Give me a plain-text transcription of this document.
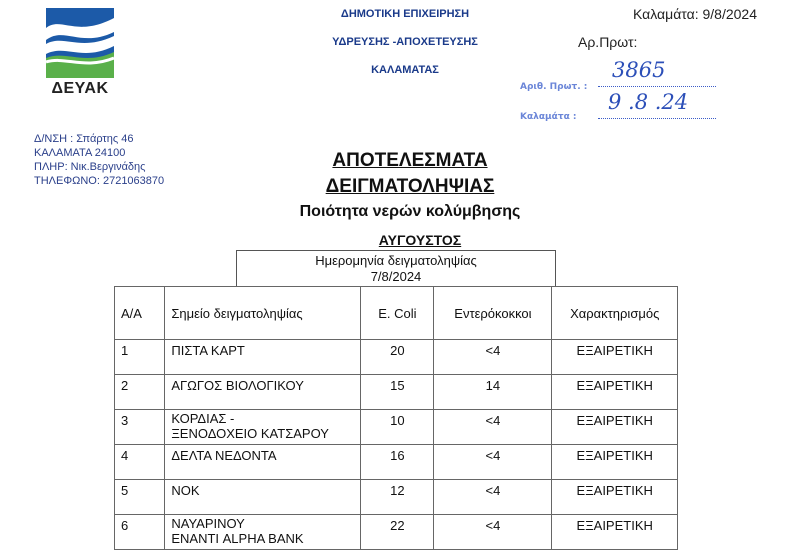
ΔΕΥΑΚ
ΔΗΜΟΤΙΚΗ ΕΠΙΧΕΙΡΗΣΗ
ΥΔΡΕΥΣΗΣ -ΑΠΟΧΕΤΕΥΣΗΣ
ΚΑΛΑΜΑΤΑΣ
Καλαμάτα: 9/8/2024
Αρ.Πρωτ:
Αριθ. Πρωτ. :
3865
Καλαμάτα :
9 .8 .24
Δ/ΝΣΗ : Σπάρτης 46
ΚΑΛΑΜΑΤΑ 24100
ΠΛΗΡ: Νικ.Βεργινάδης
ΤΗΛΕΦΩΝΟ: 2721063870
ΑΠΟΤΕΛΕΣΜΑΤΑ
ΔΕΙΓΜΑΤΟΛΗΨΙΑΣ
Ποιότητα νερών κολύμβησης
ΑΥΓΟΥΣΤΟΣ
Ημερομηνία δειγματοληψίας
7/8/2024
Α/Α	Σημείο δειγματοληψίας	E. Coli	Εντερόκοκκοι	Χαρακτηρισμός
1	ΠΙΣΤΑ ΚΑΡΤ	20	<4	ΕΞΑΙΡΕΤΙΚΗ
2	ΑΓΩΓΟΣ ΒΙΟΛΟΓΙΚΟΥ	15	14	ΕΞΑΙΡΕΤΙΚΗ
3	ΚΟΡΔΙΑΣ -
ΞΕΝΟΔΟΧΕΙΟ ΚΑΤΣΑΡΟΥ	10	<4	ΕΞΑΙΡΕΤΙΚΗ
4	ΔΕΛΤΑ ΝΕΔΟΝΤΑ	16	<4	ΕΞΑΙΡΕΤΙΚΗ
5	ΝΟΚ	12	<4	ΕΞΑΙΡΕΤΙΚΗ
6	ΝΑΥΑΡΙΝΟΥ
ΕΝΑΝΤΙ ALPHA BANK	22	<4	ΕΞΑΙΡΕΤΙΚΗ
